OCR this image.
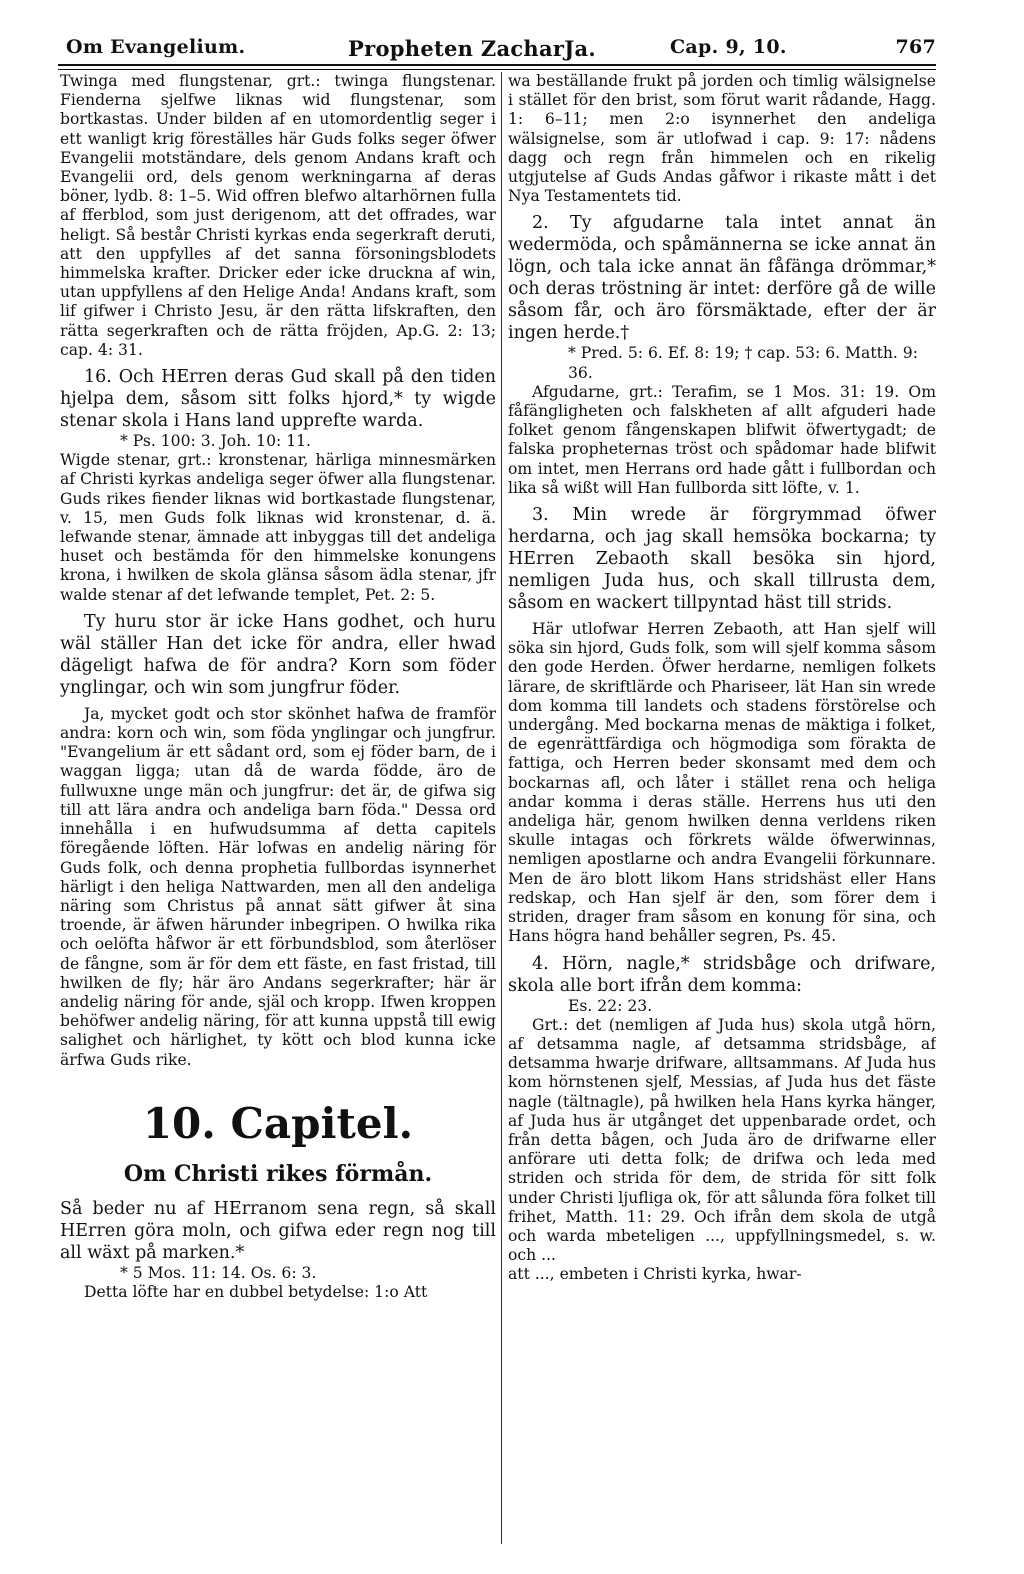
Om Evangelium.	Propheten ZacharJa.	Cap. 9, 10.	767

Twinga med flungstenar, grt.: twinga flungstenar. Fienderna sjelfwe liknas wid flungstenar, som bortkastas. Under bilden af en utomordentlig seger i ett wanligt krig föreställes här Guds folks seger öfwer Evangelii motständare, dels genom Andans kraft och Evangelii ord, dels genom werkningarna af deras böner, lydb. 8: 1–5. Wid offren blefwo altarhörnen fulla af fferblod, som just derigenom, att det offrades, war heligt. Så består Christi kyrkas enda segerkraft deruti, att den uppfylles af det sanna försoningsblodets himmelska krafter. Dricker eder icke druckna af win, utan uppfyllens af den Helige Anda! Andans kraft, som lif gifwer i Christo Jesu, är den rätta lifskraften, den rätta segerkraften och de rätta fröjden, Ap.G. 2: 13; cap. 4: 31.

16. Och HErren deras Gud skall på den tiden hjelpa dem, såsom sitt folks hjord,* ty wigde stenar skola i Hans land upprefte warda.

* Ps. 100: 3. Joh. 10: 11.

Wigde stenar, grt.: kronstenar, härliga minnesmärken af Christi kyrkas andeliga seger öfwer alla flungstenar. Guds rikes fiender liknas wid bortkastade flungstenar, v. 15, men Guds folk liknas wid kronstenar, d. ä. lefwande stenar, ämnade att inbyggas till det andeliga huset och bestämda för den himmelske konungens krona, i hwilken de skola glänsa såsom ädla stenar, jfr walde stenar af det lefwande templet, Pet. 2: 5.

Ty huru stor är icke Hans godhet, och huru wäl ställer Han det icke för andra, eller hwad dägeligt hafwa de för andra? Korn som föder ynglingar, och win som jungfrur föder.

Ja, mycket godt och stor skönhet hafwa de framför andra: korn och win, som föda ynglingar och jungfrur. "Evangelium är ett sådant ord, som ej föder barn, de i waggan ligga; utan då de warda födde, äro de fullwuxne unge män och jungfrur: det är, de gifwa sig till att lära andra och andeliga barn föda." Dessa ord innehålla i en hufwudsumma af detta capitels föregående löften. Här lofwas en andelig näring för Guds folk, och denna prophetia fullbordas isynnerhet härligt i den heliga Nattwarden, men all den andeliga näring som Christus på annat sätt gifwer åt sina troende, är äfwen härunder inbegripen. O hwilka rika och oelöfta håfwor är ett förbundsblod, som återlöser de fångne, som är för dem ett fäste, en fast fristad, till hwilken de fly; här äro Andans segerkrafter; här är andelig näring för ande, själ och kropp. Ifwen kroppen behöfwer andelig näring, för att kunna uppstå till ewig salighet och härlighet, ty kött och blod kunna icke ärfwa Guds rike.

10. Capitel.
Om Christi rikes förmån.

Så beder nu af HErranom sena regn, så skall HErren göra moln, och gifwa eder regn nog till all wäxt på marken.*

* 5 Mos. 11: 14. Os. 6: 3.

Detta löfte har en dubbel betydelse: 1:o Att

wa beställande frukt på jorden och timlig wälsignelse i stället för den brist, som förut warit rådande, Hagg. 1: 6–11; men 2:o isynnerhet den andeliga wälsignelse, som är utlofwad i cap. 9: 17: nådens dagg och regn från himmelen och en rikelig utgjutelse af Guds Andas gåfwor i rikaste mått i det Nya Testamentets tid.

2. Ty afgudarne tala intet annat än wedermöda, och spåmännerna se icke annat än lögn, och tala icke annat än fåfänga drömmar,* och deras tröstning är intet: derföre gå de wille såsom får, och äro försmäktade, efter der är ingen herde.†

* Pred. 5: 6. Ef. 8: 19; † cap. 53: 6. Matth. 9: 36.

Afgudarne, grt.: Terafim, se 1 Mos. 31: 19. Om fåfängligheten och falskheten af allt afguderi hade folket genom fångenskapen blifwit öfwertygadt; de falska propheternas tröst och spådomar hade blifwit om intet, men Herrans ord hade gått i fullbordan och lika så wißt will Han fullborda sitt löfte, v. 1.

3. Min wrede är förgrymmad öfwer herdarna, och jag skall hemsöka bockarna; ty HErren Zebaoth skall besöka sin hjord, nemligen Juda hus, och skall tillrusta dem, såsom en wackert tillpyntad häst till strids.

Här utlofwar Herren Zebaoth, att Han sjelf will söka sin hjord, Guds folk, som will sjelf komma såsom den gode Herden. Öfwer herdarne, nemligen folkets lärare, de skriftlärde och Phariseer, lät Han sin wrede dom komma till landets och stadens förstörelse och undergång. Med bockarna menas de mäktiga i folket, de egenrättfärdiga och högmodiga som förakta de fattiga, och Herren beder skonsamt med dem och bockarnas afl, och låter i stället rena och heliga andar komma i deras ställe. Herrens hus uti den andeliga här, genom hwilken denna verldens riken skulle intagas och förkrets wälde öfwerwinnas, nemligen apostlarne och andra Evangelii förkunnare. Men de äro blott likom Hans stridshäst eller Hans redskap, och Han sjelf är den, som förer dem i striden, drager fram såsom en konung för sina, och Hans högra hand behåller segren, Ps. 45.

4. Hörn, nagle,* stridsbåge och drifware, skola alle bort ifrån dem komma:

Es. 22: 23.

Grt.: det (nemligen af Juda hus) skola utgå hörn, af detsamma nagle, af detsamma stridsbåge, af detsamma hwarje drifware, alltsammans. Af Juda hus kom hörnstenen sjelf, Messias, af Juda hus det fäste nagle (tältnagle), på hwilken hela Hans kyrka hänger, af Juda hus är utgånget det uppenbarade ordet, och från detta bågen, och Juda äro de drifwarne eller anförare uti detta folk; de drifwa och leda med striden och strida för dem, de strida för sitt folk under Christi ljufliga ok, för att sålunda föra folket till frihet, Matth. 11: 29. Och ifrån dem skola de utgå och warda mbeteligen ..., uppfyllningsmedel, s. w. och ...

att ..., embeten i Christi kyrka, hwar-
